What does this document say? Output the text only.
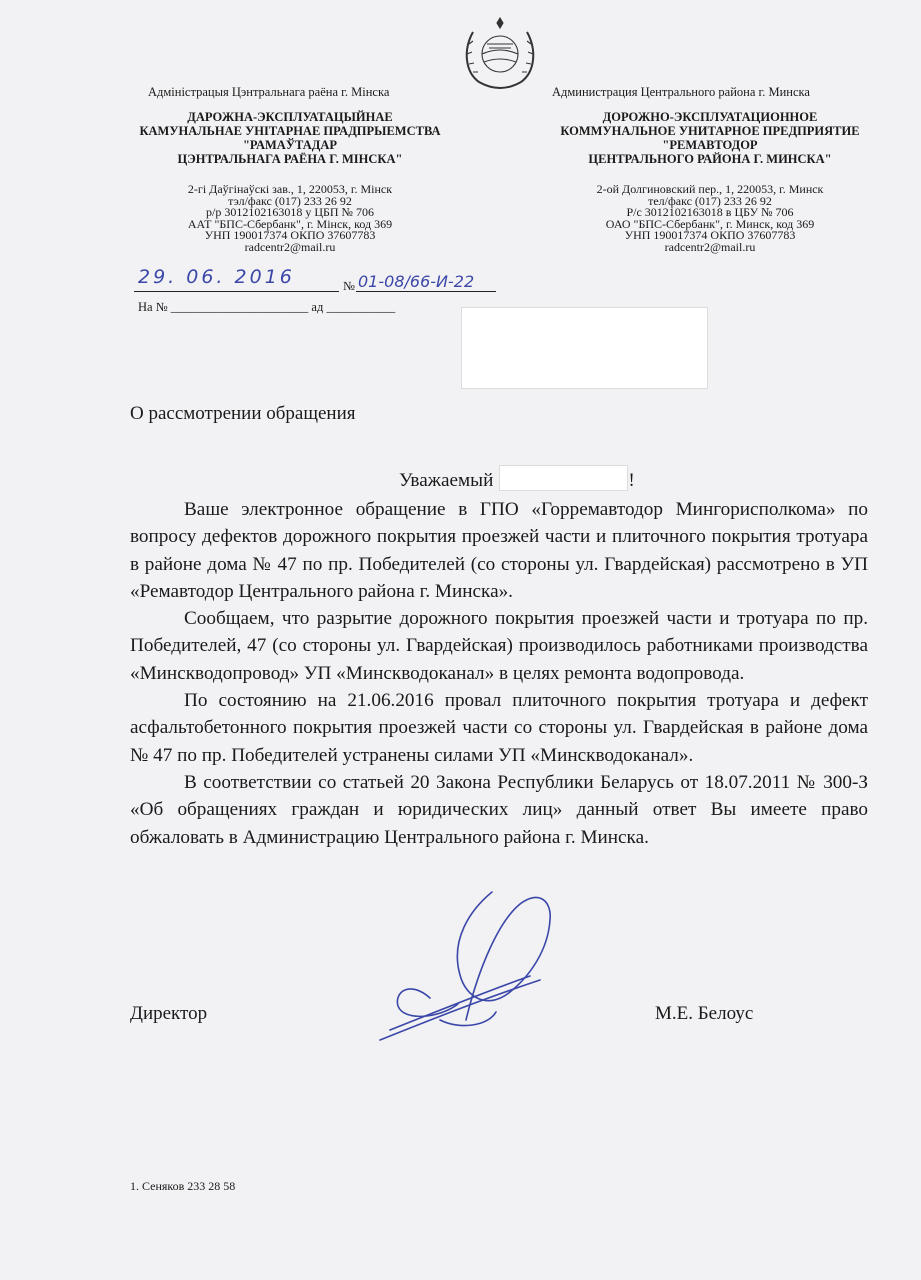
Адміністрацыя Цэнтральнага раёна г. Мінска
ДАРОЖНА-ЭКСПЛУАТАЦЫЙНАЕ
КАМУНАЛЬНАЕ УНІТАРНАЕ ПРАДПРЫЕМСТВА
"РАМАЎТАДАР
ЦЭНТРАЛЬНАГА РАЁНА Г. МІНСКА"
2-гі Даўгінаўскі зав., 1, 220053, г. Мінск
тэл/факс (017) 233 26 92
р/р 3012102163018 у ЦБП № 706
ААТ "БПС-Сбербанк", г. Мінск, код 369
УНП 190017374 ОКПО 37607783
radcentr2@mail.ru
Администрация Центрального района г. Минска
ДОРОЖНО-ЭКСПЛУАТАЦИОННОЕ
КОММУНАЛЬНОЕ УНИТАРНОЕ ПРЕДПРИЯТИЕ
"РЕМАВТОДОР
ЦЕНТРАЛЬНОГО РАЙОНА Г. МИНСКА"
2-ой Долгиновский пер., 1, 220053, г. Минск
тел/факс (017) 233 26 92
Р/с 3012102163018 в ЦБУ № 706
ОАО "БПС-Сбербанк", г. Минск, код 369
УНП 190017374 ОКПО 37607783
radcentr2@mail.ru
29. 06. 2016	№ 01-08/66-И-22
На № ______________________ ад ___________
О рассмотрении обращения
Уважаемый	!

Ваше электронное обращение в ГПО «Горремавтодор Мингорисполкома» по вопросу дефектов дорожного покрытия проезжей части и плиточного покрытия тротуара в районе дома № 47 по пр. Победителей (со стороны ул. Гвардейская) рассмотрено в УП «Ремавтодор Центрального района г. Минска».

Сообщаем, что разрытие дорожного покрытия проезжей части и тротуара по пр. Победителей, 47 (со стороны ул. Гвардейская) производилось работниками производства «Минскводопровод» УП «Минскводоканал» в целях ремонта водопровода.

По состоянию на 21.06.2016 провал плиточного покрытия тротуара и дефект асфальтобетонного покрытия проезжей части со стороны ул. Гвардейская в районе дома № 47 по пр. Победителей устранены силами УП «Минскводоканал».

В соответствии со статьей 20 Закона Республики Беларусь от 18.07.2011 № 300-З «Об обращениях граждан и юридических лиц» данный ответ Вы имеете право обжаловать в Администрацию Центрального района г. Минска.

Директор	М.Е. Белоус
1. Сеняков 233 28 58
